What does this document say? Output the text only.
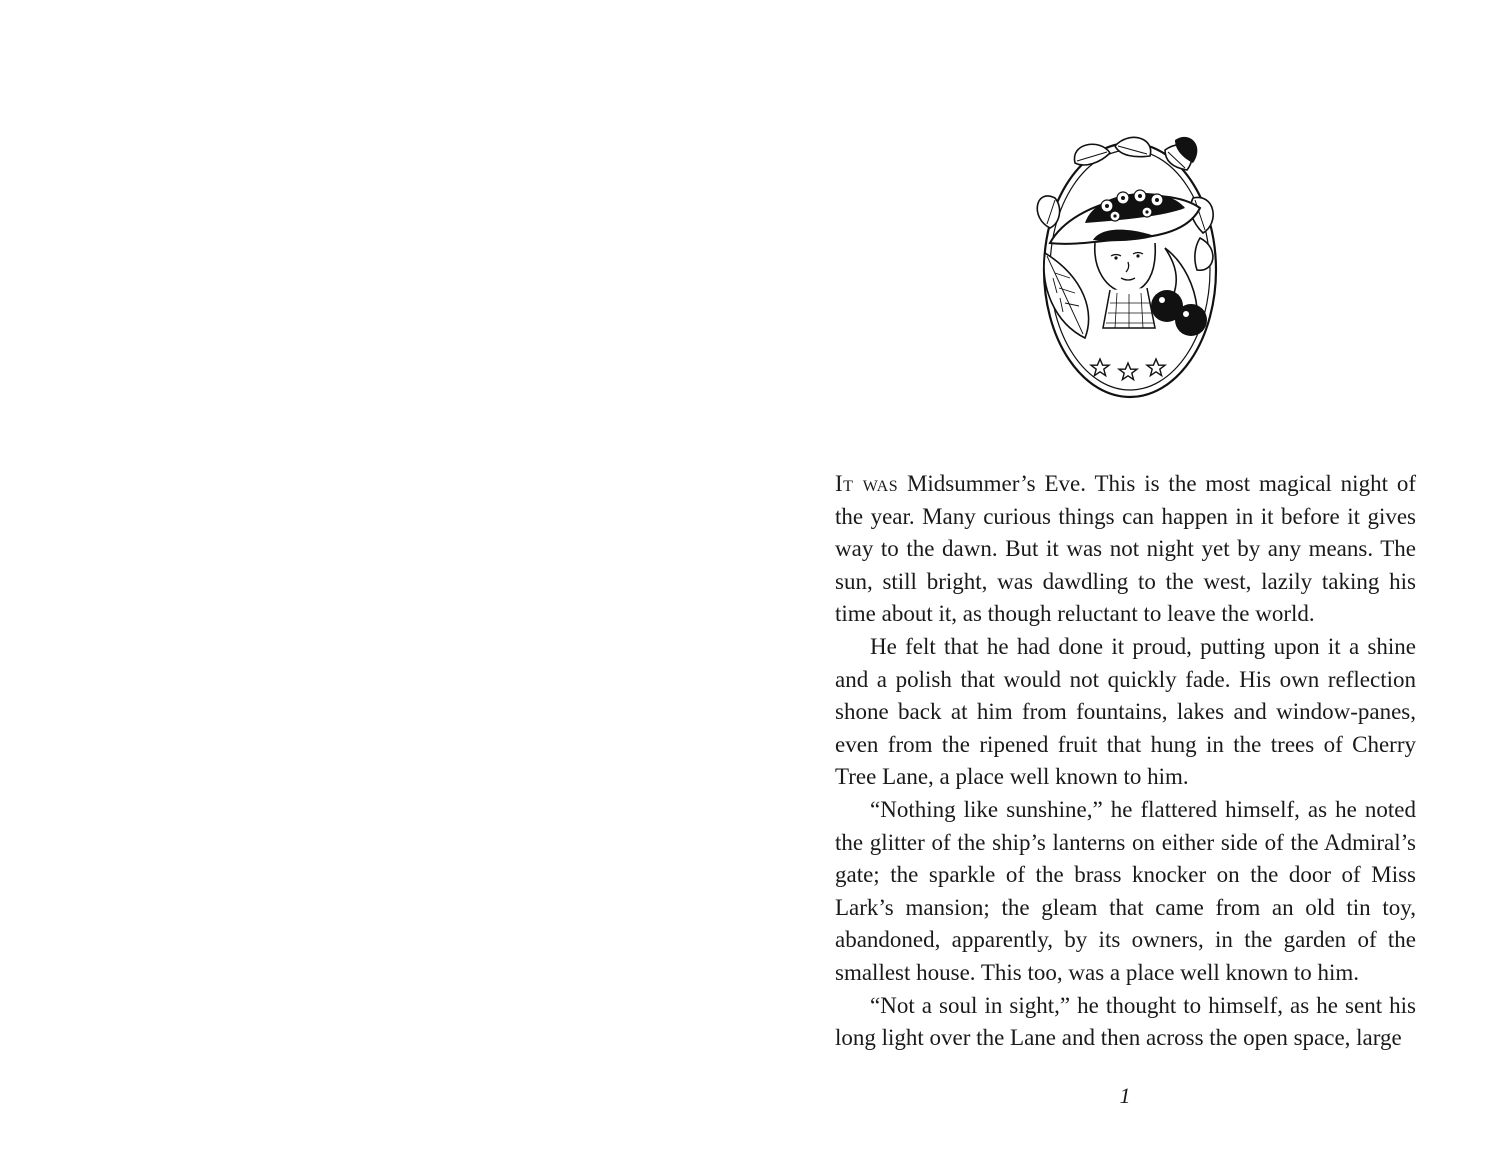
It was Midsummer’s Eve. This is the most magical night of the year. Many curious things can happen in it before it gives way to the dawn. But it was not night yet by any means. The sun, still bright, was dawdling to the west, lazily taking his time about it, as though reluctant to leave the world.

He felt that he had done it proud, putting upon it a shine and a polish that would not quickly fade. His own reflection shone back at him from fountains, lakes and window-panes, even from the ripened fruit that hung in the trees of Cherry Tree Lane, a place well known to him.

“Nothing like sunshine,” he flattered himself, as he noted the glitter of the ship’s lanterns on either side of the Admiral’s gate; the sparkle of the brass knocker on the door of Miss Lark’s mansion; the gleam that came from an old tin toy, abandoned, apparently, by its owners, in the garden of the smallest house. This too, was a place well known to him.

“Not a soul in sight,” he thought to himself, as he sent his long light over the Lane and then across the open space, large

1
